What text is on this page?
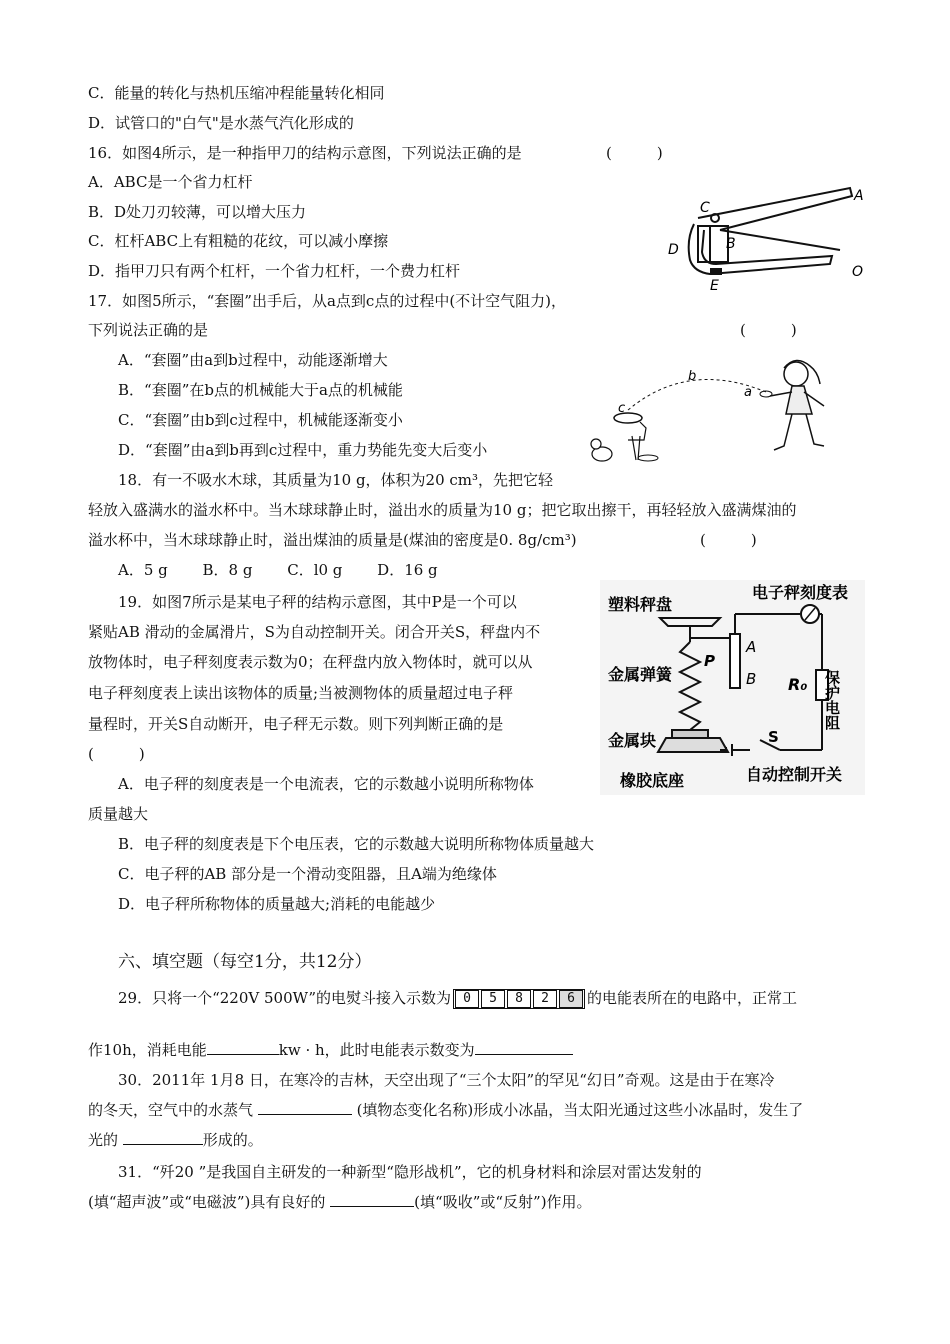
C．能量的转化与热机压缩冲程能量转化相同
D．试管口的"白气"是水蒸气汽化形成的
16．如图4所示，是一种指甲刀的结构示意图，下列说法正确的是	(　　　)
A．ABC是一个省力杠杆
B．D处刀刃较薄，可以增大压力
C．杠杆ABC上有粗糙的花纹，可以减小摩擦
D．指甲刀只有两个杠杆，一个省力杠杆，一个费力杠杆
C
A
B
D
O
E
17．如图5所示，“套圈”出手后，从a点到c点的过程中(不计空气阻力)，
下列说法正确的是	(　　　)
A．“套圈”由a到b过程中，动能逐渐增大
B．“套圈”在b点的机械能大于a点的机械能
C．“套圈”由b到c过程中，机械能逐渐变小
D．“套圈”由a到b再到c过程中，重力势能先变大后变小
c
b
a
18．有一不吸水木球，其质量为10 g，体积为20 cm³，先把它轻
轻放入盛满水的溢水杯中。当木球球静止时，溢出水的质量为10 g；把它取出擦干，再轻轻放入盛满煤油的
溢水杯中，当木球球静止时，溢出煤油的质量是(煤油的密度是0. 8g/cm³)	(　　　)
A．5 g　　 B．8 g　　 C．l0 g　　 D．16 g
19．如图7所示是某电子秤的结构示意图，其中P是一个可以
紧贴AB 滑动的金属滑片，S为自动控制开关。闭合开关S，秤盘内不
放物体时，电子秤刻度表示数为0；在秤盘内放入物体时，就可以从
电子秤刻度表上读出该物体的质量;当被测物体的质量超过电子秤
量程时，开关S自动断开，电子秤无示数。则下列判断正确的是
(　　　)
A．电子秤的刻度表是一个电流表，它的示数越小说明所称物体
质量越大
B．电子秤的刻度表是下个电压表，它的示数越大说明所称物体质量越大
C．电子秤的AB 部分是一个滑动变阻器，且A端为绝缘体
D．电子秤所称物体的质量越大;消耗的电能越少
塑料秤盘
电子秤刻度表
金属弹簧
金属块
橡胶底座	自动控制开关
P
A
B R₀ 保护电阻
S
六、填空题（每空1分，共12分）
29．只将一个“220V 500W”的电熨斗接入示数为 0	5	8	2	6 的电能表所在的电路中，正常工
作10h，消耗电能	kw · h，此时电能表示数变为
30．2011年 1月8 日，在寒冷的吉林，天空出现了“三个太阳”的罕见“幻日”奇观。这是由于在寒冷
的冬天，空气中的水蒸气	(填物态变化名称)形成小冰晶，当太阳光通过这些小冰晶时，发生了
光的	形成的。
31．“歼20 ”是我国自主研发的一种新型“隐形战机”，它的机身材料和涂层对雷达发射的
(填“超声波”或“电磁波”)具有良好的	(填“吸收”或“反射”)作用。
